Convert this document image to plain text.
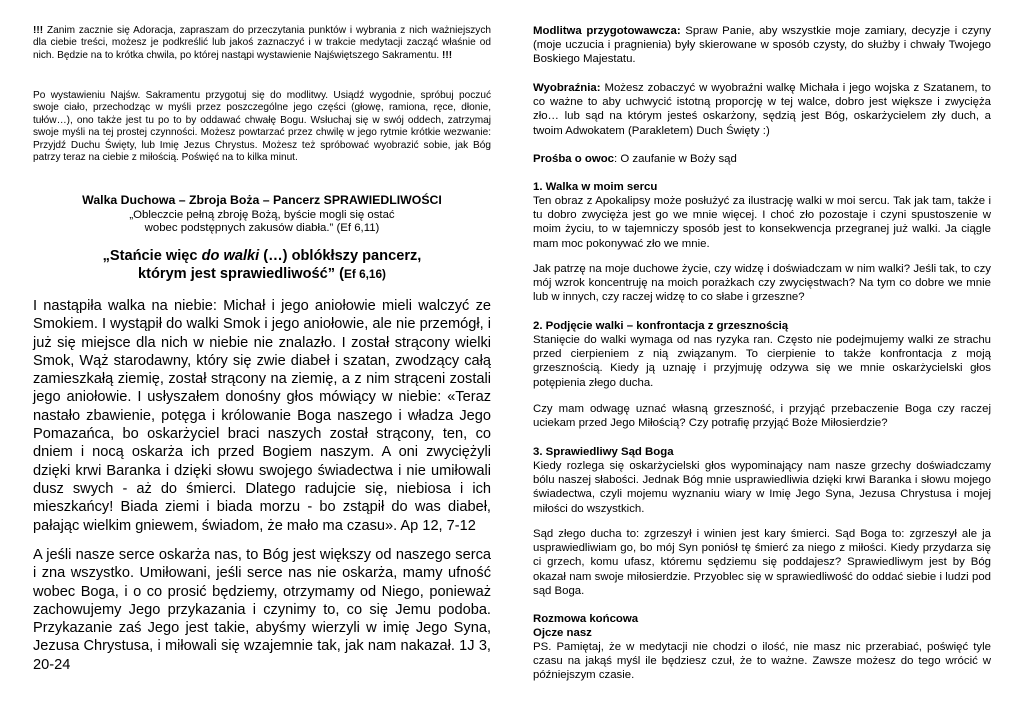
!!! Zanim zacznie się Adoracja, zapraszam do przeczytania punktów i wybrania z nich ważniejszych dla ciebie treści, możesz je podkreślić lub jakoś zaznaczyć i w trakcie medytacji zacząć właśnie od nich. Będzie na to krótka chwila, po której nastąpi wystawienie Najświętszego Sakramentu. !!!

Po wystawieniu Najśw. Sakramentu przygotuj się do modlitwy. Usiądź wygodnie, spróbuj poczuć swoje ciało, przechodząc w myśli przez poszczególne jego części (głowę, ramiona, ręce, dłonie, tułów…), ono także jest tu po to by oddawać chwałę Bogu. Wsłuchaj się w swój oddech, zatrzymaj swoje myśli na tej prostej czynności. Możesz powtarzać przez chwilę w jego rytmie krótkie wezwanie: Przyjdź Duchu Święty, lub Imię Jezus Chrystus. Możesz też spróbować wyobrazić sobie, jak Bóg patrzy teraz na ciebie z miłością. Poświęć na to kilka minut.

Walka Duchowa – Zbroja Boża – Pancerz SPRAWIEDLIWOŚCI
„Obleczcie pełną zbroję Bożą, byście mogli się ostać
wobec podstępnych zakusów diabła.” (Ef 6,11)
„Stańcie więc do walki (…) oblókłszy pancerz,
którym jest sprawiedliwość” (Ef 6,16)

I nastąpiła walka na niebie: Michał i jego aniołowie mieli walczyć ze Smokiem. I wystąpił do walki Smok i jego aniołowie, ale nie przemógł, i już się miejsce dla nich w niebie nie znalazło. I został strącony wielki Smok, Wąż starodawny, który się zwie diabeł i szatan, zwodzący całą zamieszkałą ziemię, został strącony na ziemię, a z nim strąceni zostali jego aniołowie. I usłyszałem donośny głos mówiący w niebie: «Teraz nastało zbawienie, potęga i królowanie Boga naszego i władza Jego Pomazańca, bo oskarżyciel braci naszych został strącony, ten, co dniem i nocą oskarża ich przed Bogiem naszym. A oni zwyciężyli dzięki krwi Baranka i dzięki słowu swojego świadectwa i nie umiłowali dusz swych - aż do śmierci. Dlatego radujcie się, niebiosa i ich mieszkańcy! Biada ziemi i biada morzu - bo zstąpił do was diabeł, pałając wielkim gniewem, świadom, że mało ma czasu». Ap 12, 7-12

A jeśli nasze serce oskarża nas, to Bóg jest większy od naszego serca i zna wszystko. Umiłowani, jeśli serce nas nie oskarża, mamy ufność wobec Boga, i o co prosić będziemy, otrzymamy od Niego, ponieważ zachowujemy Jego przykazania i czynimy to, co się Jemu podoba. Przykazanie zaś Jego jest takie, abyśmy wierzyli w imię Jego Syna, Jezusa Chrystusa, i miłowali się wzajemnie tak, jak nam nakazał. 1J 3, 20-24

Modlitwa przygotowawcza: Spraw Panie, aby wszystkie moje zamiary, decyzje i czyny (moje uczucia i pragnienia) były skierowane w sposób czysty, do służby i chwały Twojego Boskiego Majestatu.

Wyobraźnia: Możesz zobaczyć w wyobraźni walkę Michała i jego wojska z Szatanem, to co ważne to aby uchwycić istotną proporcję w tej walce, dobro jest większe i zwycięża zło… lub sąd na którym jesteś oskarżony, sędzią jest Bóg, oskarżycielem zły duch, a twoim Adwokatem (Parakletem) Duch Święty :)

Prośba o owoc: O zaufanie w Boży sąd

1. Walka w moim sercu

Ten obraz z Apokalipsy może posłużyć za ilustrację walki w moi sercu. Tak jak tam, także i tu dobro zwycięża jest go we mnie więcej. I choć zło pozostaje i czyni spustoszenie w moim życiu, to w tajemniczy sposób jest to konsekwencja przegranej już walki. Ja ciągle mam moc pokonywać zło we mnie.

Jak patrzę na moje duchowe życie, czy widzę i doświadczam w nim walki? Jeśli tak, to czy mój wzrok koncentruję na moich porażkach czy zwycięstwach? Na tym co dobre we mnie lub w innych, czy raczej widzę to co słabe i grzeszne?

2. Podjęcie walki – konfrontacja z grzesznością

Stanięcie do walki wymaga od nas ryzyka ran. Często nie podejmujemy walki ze strachu przed cierpieniem z nią związanym. To cierpienie to także konfrontacja z moją grzesznością. Kiedy ją uznaję i przyjmuję odzywa się we mnie oskarżycielski głos potępienia złego ducha.

Czy mam odwagę uznać własną grzeszność, i przyjąć przebaczenie Boga czy raczej uciekam przed Jego Miłością? Czy potrafię przyjąć Boże Miłosierdzie?

3. Sprawiedliwy Sąd Boga

Kiedy rozlega się oskarżycielski głos wypominający nam nasze grzechy doświadczamy bólu naszej słabości. Jednak Bóg mnie usprawiedliwia dzięki krwi Baranka i słowu mojego świadectwa, czyli mojemu wyznaniu wiary w Imię Jego Syna, Jezusa Chrystusa i mojej miłości do wszystkich.

Sąd złego ducha to: zgrzeszył i winien jest kary śmierci. Sąd Boga to: zgrzeszył ale ja usprawiedliwiam go, bo mój Syn poniósł tę śmierć za niego z miłości. Kiedy przydarza się ci grzech, komu ufasz, któremu sędziemu się poddajesz? Sprawiedliwym jest by Bóg okazał nam swoje miłosierdzie. Przyoblec się w sprawiedliwość do oddać siebie i ludzi pod sąd Boga.

Rozmowa końcowa
Ojcze nasz

PS. Pamiętaj, że w medytacji nie chodzi o ilość, nie masz nic przerabiać, poświęć tyle czasu na jakąś myśl ile będziesz czuł, że to ważne. Zawsze możesz do tego wrócić w późniejszym czasie.
